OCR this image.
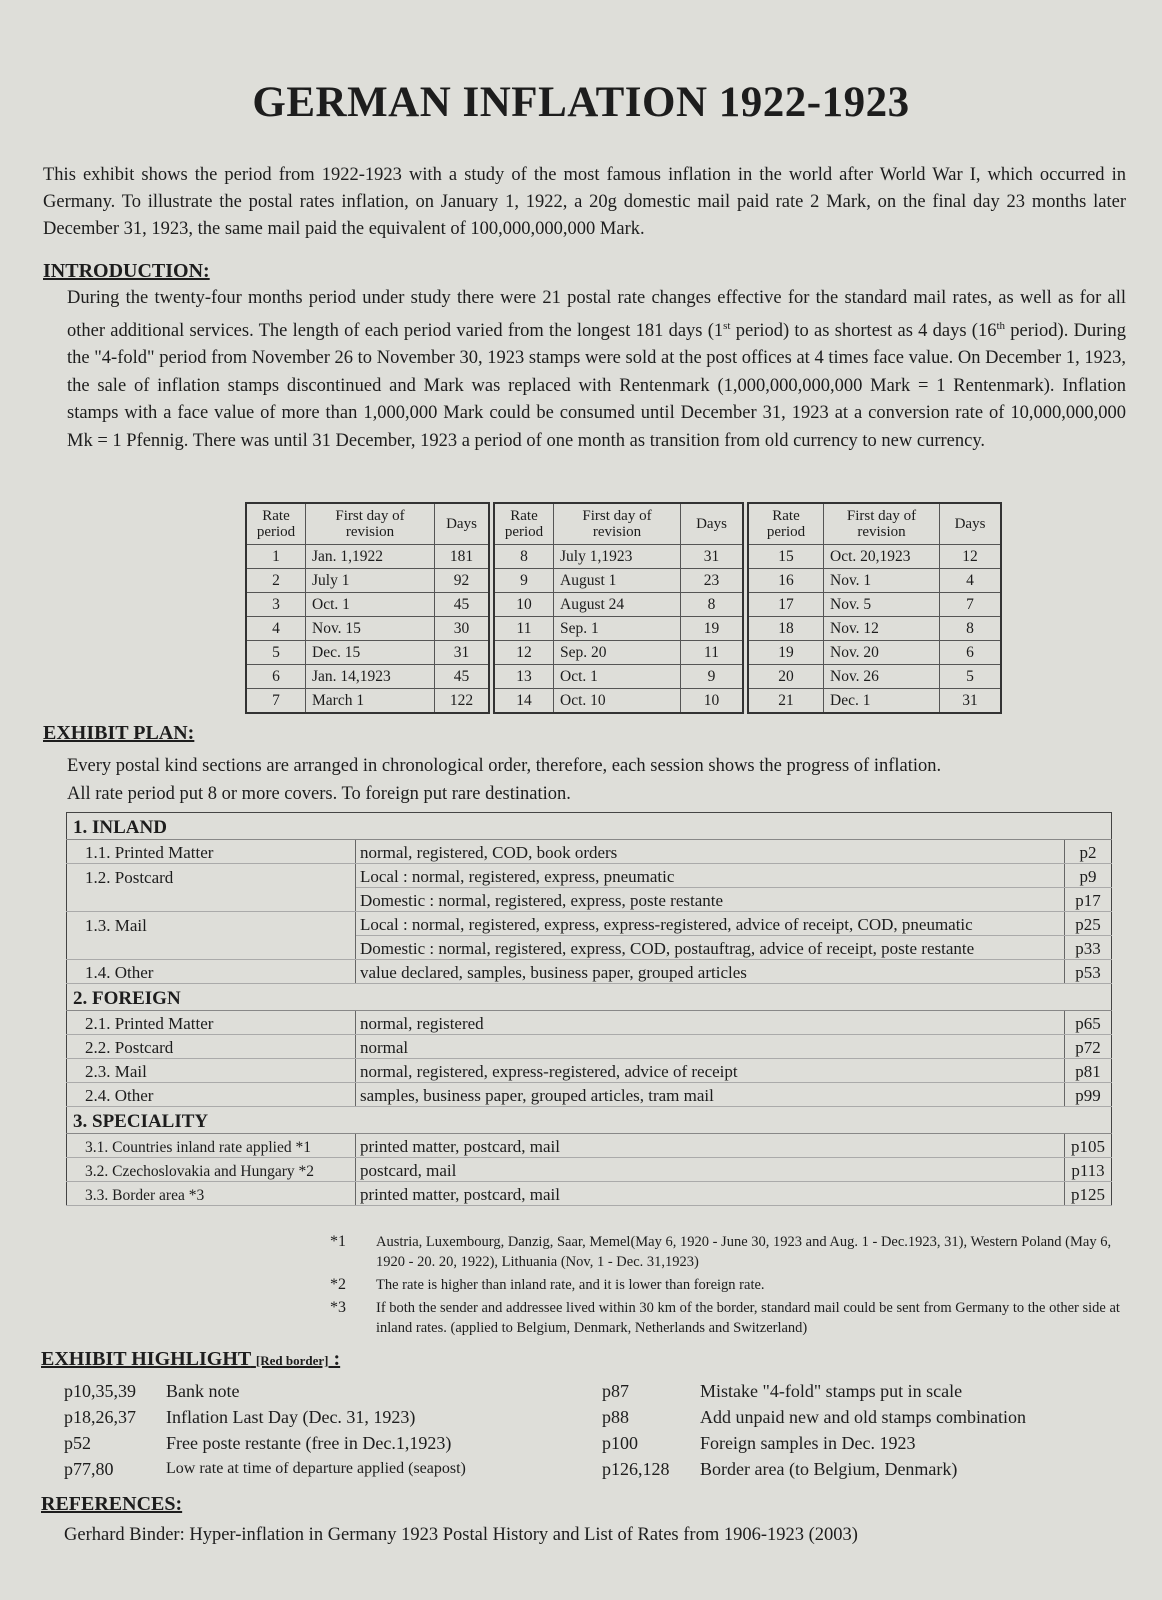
GERMAN INFLATION 1922-1923

This exhibit shows the period from 1922-1923 with a study of the most famous inflation in the world after World War I, which occurred in Germany. To illustrate the postal rates inflation, on January 1, 1922, a 20g domestic mail paid rate 2 Mark, on the final day 23 months later December 31, 1923, the same mail paid the equivalent of 100,000,000,000 Mark.

INTRODUCTION:

During the twenty-four months period under study there were 21 postal rate changes effective for the standard mail rates, as well as for all other additional services. The length of each period varied from the longest 181 days (1st period) to as shortest as 4 days (16th period). During the "4-fold" period from November 26 to November 30, 1923 stamps were sold at the post offices at 4 times face value. On December 1, 1923, the sale of inflation stamps discontinued and Mark was replaced with Rentenmark (1,000,000,000,000 Mark = 1 Rentenmark). Inflation stamps with a face value of more than 1,000,000 Mark could be consumed until December 31, 1923 at a conversion rate of 10,000,000,000 Mk = 1 Pfennig. There was until 31 December, 1923 a period of one month as transition from old currency to new currency.

Rate period	First day of revision	Days
1	Jan. 1,1922	181
2	July 1	92
3	Oct. 1	45
4	Nov. 15	30
5	Dec. 15	31
6	Jan. 14,1923	45
7	March 1	122
Rate period	First day of revision	Days
8	July 1,1923	31
9	August 1	23
10	August 24	8
11	Sep. 1	19
12	Sep. 20	11
13	Oct. 1	9
14	Oct. 10	10
Rate period	First day of revision	Days
15	Oct. 20,1923	12
16	Nov. 1	4
17	Nov. 5	7
18	Nov. 12	8
19	Nov. 20	6
20	Nov. 26	5
21	Dec. 1	31

EXHIBIT PLAN:

Every postal kind sections are arranged in chronological order, therefore, each session shows the progress of inflation.

All rate period put 8 or more covers. To foreign put rare destination.

1. INLAND		
1.1. Printed Matter	normal, registered, COD, book orders	p2
1.2. Postcard	Local : normal, registered, express, pneumatic	p9
	Domestic : normal, registered, express, poste restante	p17
1.3. Mail	Local : normal, registered, express, express-registered, advice of receipt, COD, pneumatic	p25
	Domestic : normal, registered, express, COD, postauftrag, advice of receipt, poste restante	p33
1.4. Other	value declared, samples, business paper, grouped articles	p53
2. FOREIGN		
2.1. Printed Matter	normal, registered	p65
2.2. Postcard	normal	p72
2.3. Mail	normal, registered, express-registered, advice of receipt	p81
2.4. Other	samples, business paper, grouped articles, tram mail	p99
3. SPECIALITY		
3.1. Countries inland rate applied *1	printed matter, postcard, mail	p105
3.2. Czechoslovakia and Hungary *2	postcard, mail	p113
3.3. Border area *3	printed matter, postcard, mail	p125
*1	Austria, Luxembourg, Danzig, Saar, Memel(May 6, 1920 - June 30, 1923 and Aug. 1 - Dec.1923, 31), Western Poland (May 6, 1920 - 20. 20, 1922), Lithuania (Nov, 1 - Dec. 31,1923)
*2	The rate is higher than inland rate, and it is lower than foreign rate.
*3	If both the sender and addressee lived within 30 km of the border, standard mail could be sent from Germany to the other side at inland rates. (applied to Belgium, Denmark, Netherlands and Switzerland)

EXHIBIT HIGHLIGHT [Red border] :

p10,35,39	Bank note
p18,26,37	Inflation Last Day (Dec. 31, 1923)
p52	Free poste restante (free in Dec.1,1923)
p77,80	Low rate at time of departure applied (seapost)
p87	Mistake "4-fold" stamps put in scale
p88	Add unpaid new and old stamps combination
p100	Foreign samples in Dec. 1923
p126,128	Border area (to Belgium, Denmark)

REFERENCES:

Gerhard Binder: Hyper-inflation in Germany 1923 Postal History and List of Rates from 1906-1923 (2003)
